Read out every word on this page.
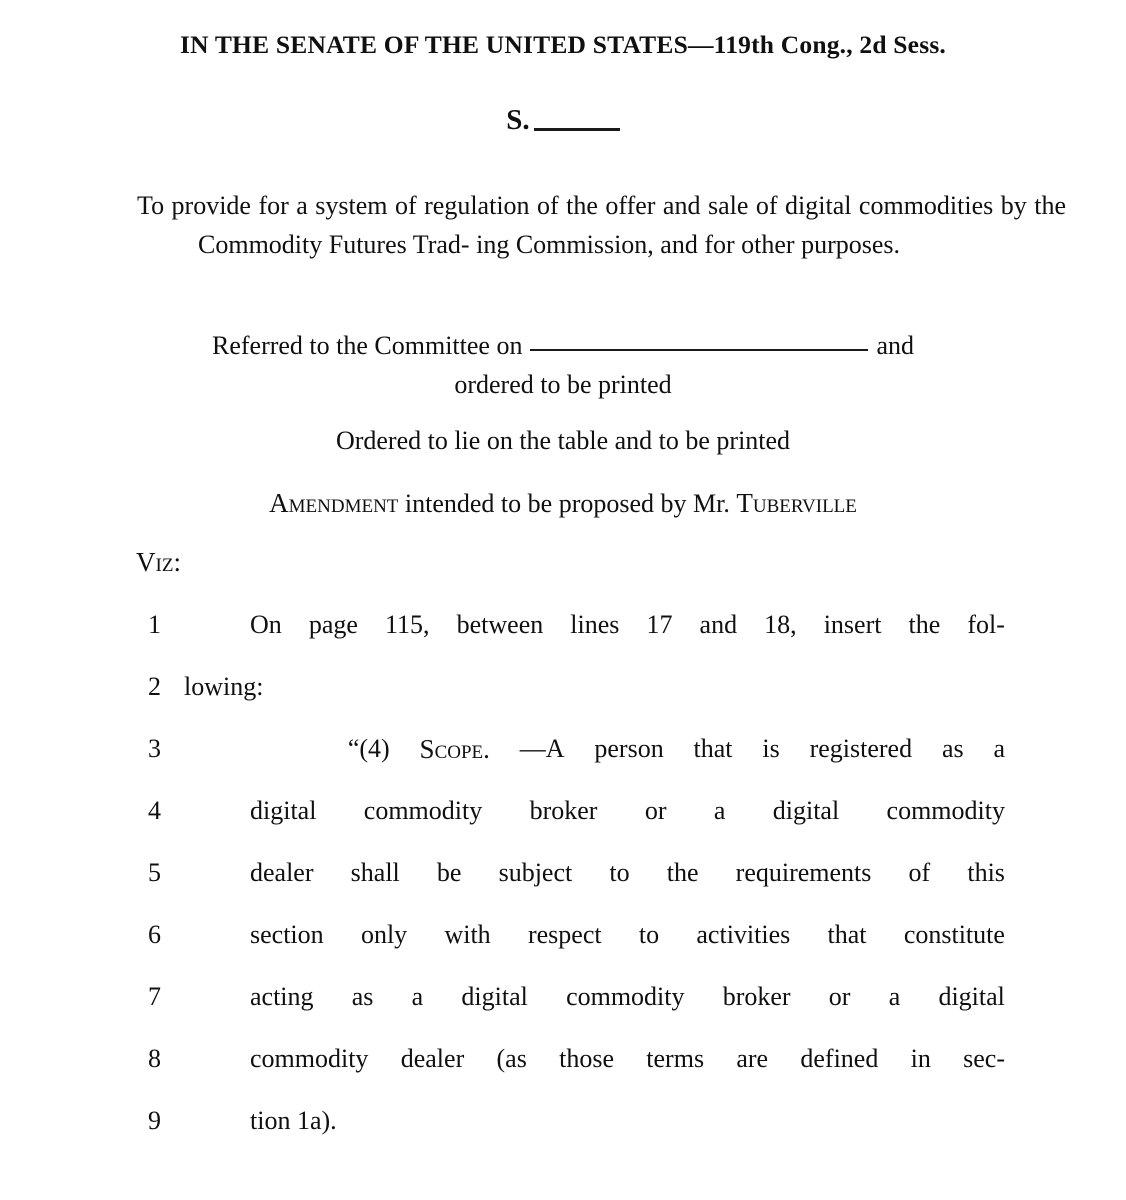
IN THE SENATE OF THE UNITED STATES—119th Cong., 2d Sess.
S.
To provide for a system of regulation of the offer and sale of digital commodities by the Commodity Futures Trad- ing Commission, and for other purposes.
Referred to the Committee on	and
ordered to be printed
Ordered to lie on the table and to be printed
Amendment intended to be proposed by Mr. Tuberville
Viz:
1	On page 115, between lines 17 and 18, insert the fol-
2 lowing:
3	“(4) Scope. —A person that is registered as a
4	digital commodity broker or a digital commodity
5	dealer shall be subject to the requirements of this
6	section only with respect to activities that constitute
7	acting as a digital commodity broker or a digital
8	commodity dealer (as those terms are defined in sec-
9	tion 1a).
